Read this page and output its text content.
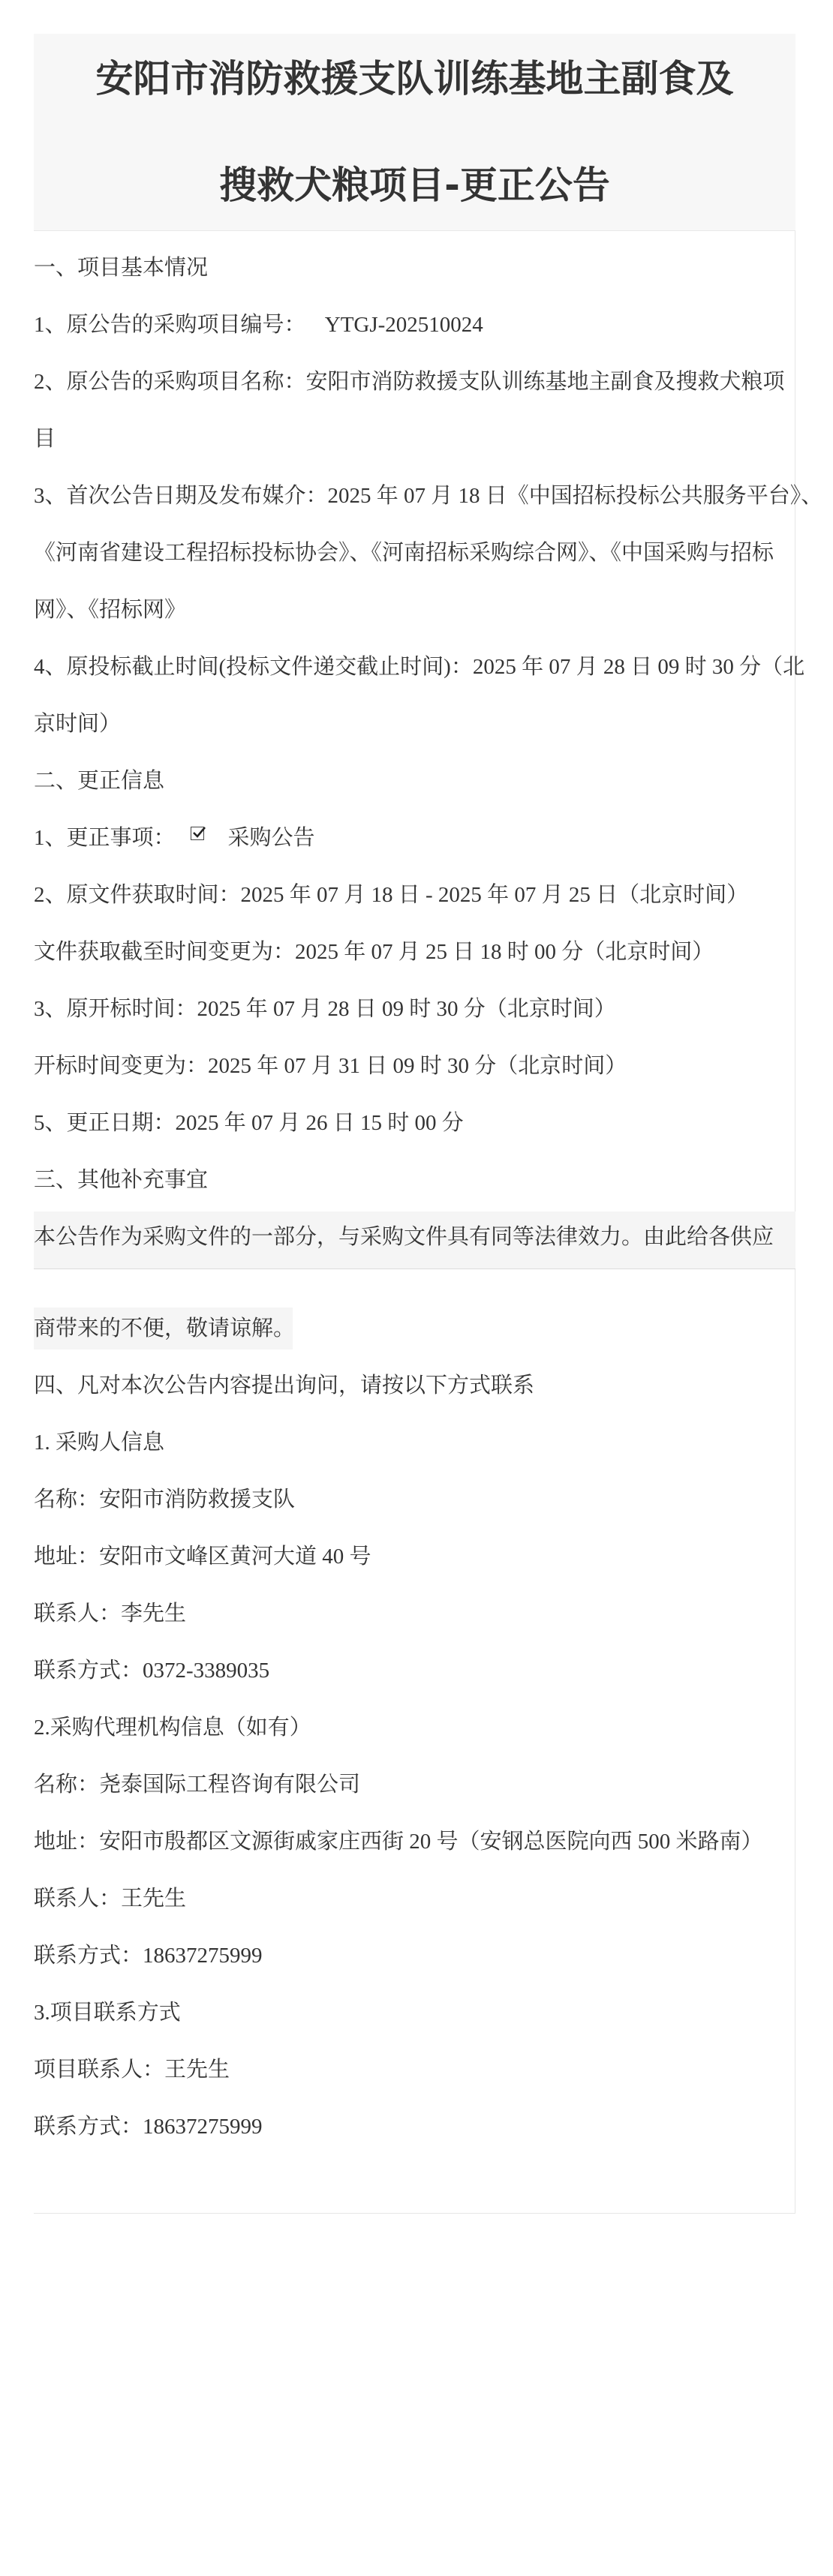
安阳市消防救援支队训练基地主副食及
搜救犬粮项目-更正公告
一、项目基本情况
1、原公告的采购项目编号： YTGJ-202510024
2、原公告的采购项目名称：安阳市消防救援支队训练基地主副食及搜救犬粮项
目
3、首次公告日期及发布媒介：2025 年 07 月 18 日《中国招标投标公共服务平台》、
《河南省建设工程招标投标协会》、《河南招标采购综合网》、《中国采购与招标
网》、《招标网》
4、原投标截止时间(投标文件递交截止时间)：2025 年 07 月 28 日 09 时 30 分（北
京时间）
二、更正信息
1、更正事项： 采购公告
2、原文件获取时间：2025 年 07 月 18 日 - 2025 年 07 月 25 日（北京时间）
文件获取截至时间变更为：2025 年 07 月 25 日 18 时 00 分（北京时间）
3、原开标时间：2025 年 07 月 28 日 09 时 30 分（北京时间）
开标时间变更为：2025 年 07 月 31 日 09 时 30 分（北京时间）
5、更正日期：2025 年 07 月 26 日 15 时 00 分
三、其他补充事宜
本公告作为采购文件的一部分，与采购文件具有同等法律效力。由此给各供应
商带来的不便，敬请谅解。
四、凡对本次公告内容提出询问，请按以下方式联系
1. 采购人信息
名称：安阳市消防救援支队
地址：安阳市文峰区黄河大道 40 号
联系人：李先生
联系方式：0372-3389035
2.采购代理机构信息（如有）
名称：尧泰国际工程咨询有限公司
地址：安阳市殷都区文源街戚家庄西街 20 号（安钢总医院向西 500 米路南）
联系人：王先生
联系方式：18637275999
3.项目联系方式
项目联系人：王先生
联系方式：18637275999
